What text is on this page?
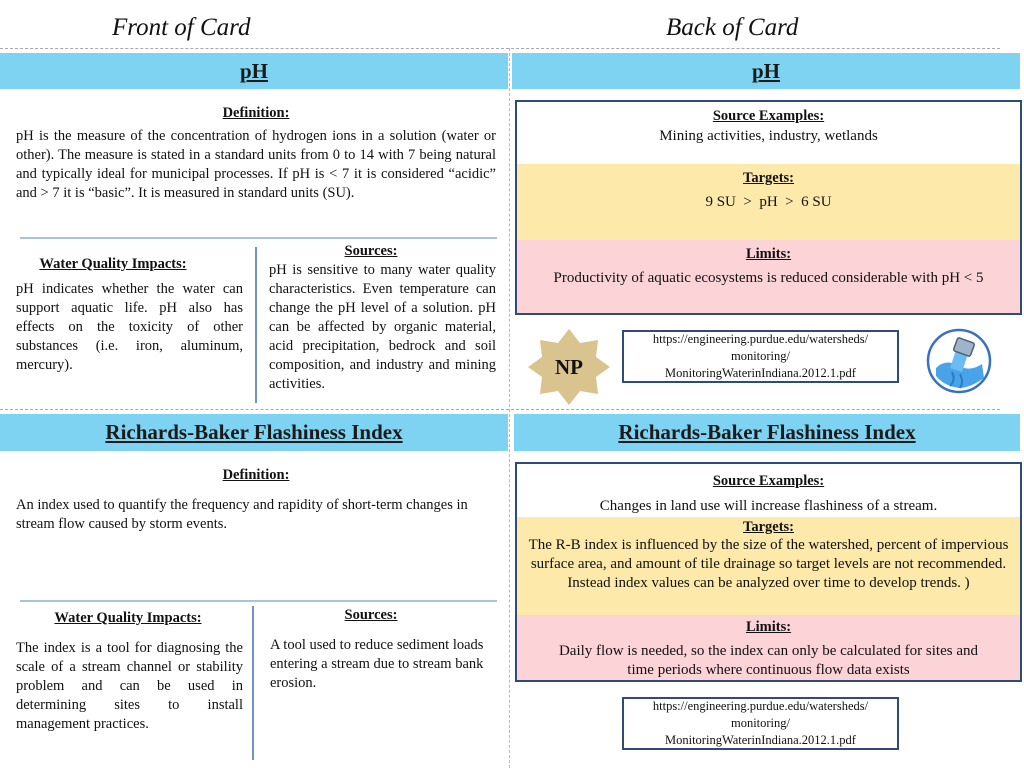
Front of Card	Back of Card
pH
Definition:
pH is the measure of the concentration of hydrogen ions in a solution (water or other). The measure is stated in a standard units from 0 to 14 with 7 being natural and typically ideal for municipal processes. If pH is < 7 it is considered “acidic” and > 7 it is “basic”. It is measured in standard units (SU).
Water Quality Impacts:
pH indicates whether the water can support aquatic life. pH also has effects on the toxicity of other substances (i.e. iron, aluminum, mercury).
Sources:
pH is sensitive to many water quality characteristics. Even temperature can change the pH level of a solution. pH can be affected by organic material, acid precipitation, bedrock and soil composition, and industry and mining activities.
pH
Source Examples:
Mining activities, industry, wetlands
Targets:
9 SU  >  pH  >  6 SU
Limits:
Productivity of aquatic ecosystems is reduced considerable with pH < 5
NP
https://engineering.purdue.edu/watersheds/
monitoring/
MonitoringWaterinIndiana.2012.1.pdf
Richards-Baker Flashiness Index
Definition:
An index used to quantify the frequency and rapidity of short-term changes in stream flow caused by storm events.
Water Quality Impacts:
The index is a tool for diagnosing the scale of a stream channel or stability problem and can be used in determining sites to install management practices.
Sources:
A tool used to reduce sediment loads entering a stream due to stream bank erosion.
Richards-Baker Flashiness Index
Source Examples:
Changes in land use will increase flashiness of a stream.
Targets:
The R-B index is influenced by the size of the watershed, percent of impervious surface area, and amount of tile drainage so target levels are not recommended. Instead index values can be analyzed over time to develop trends. )
Limits:
Daily flow is needed, so the index can only be calculated for sites and time periods where continuous flow data exists
https://engineering.purdue.edu/watersheds/
monitoring/
MonitoringWaterinIndiana.2012.1.pdf
